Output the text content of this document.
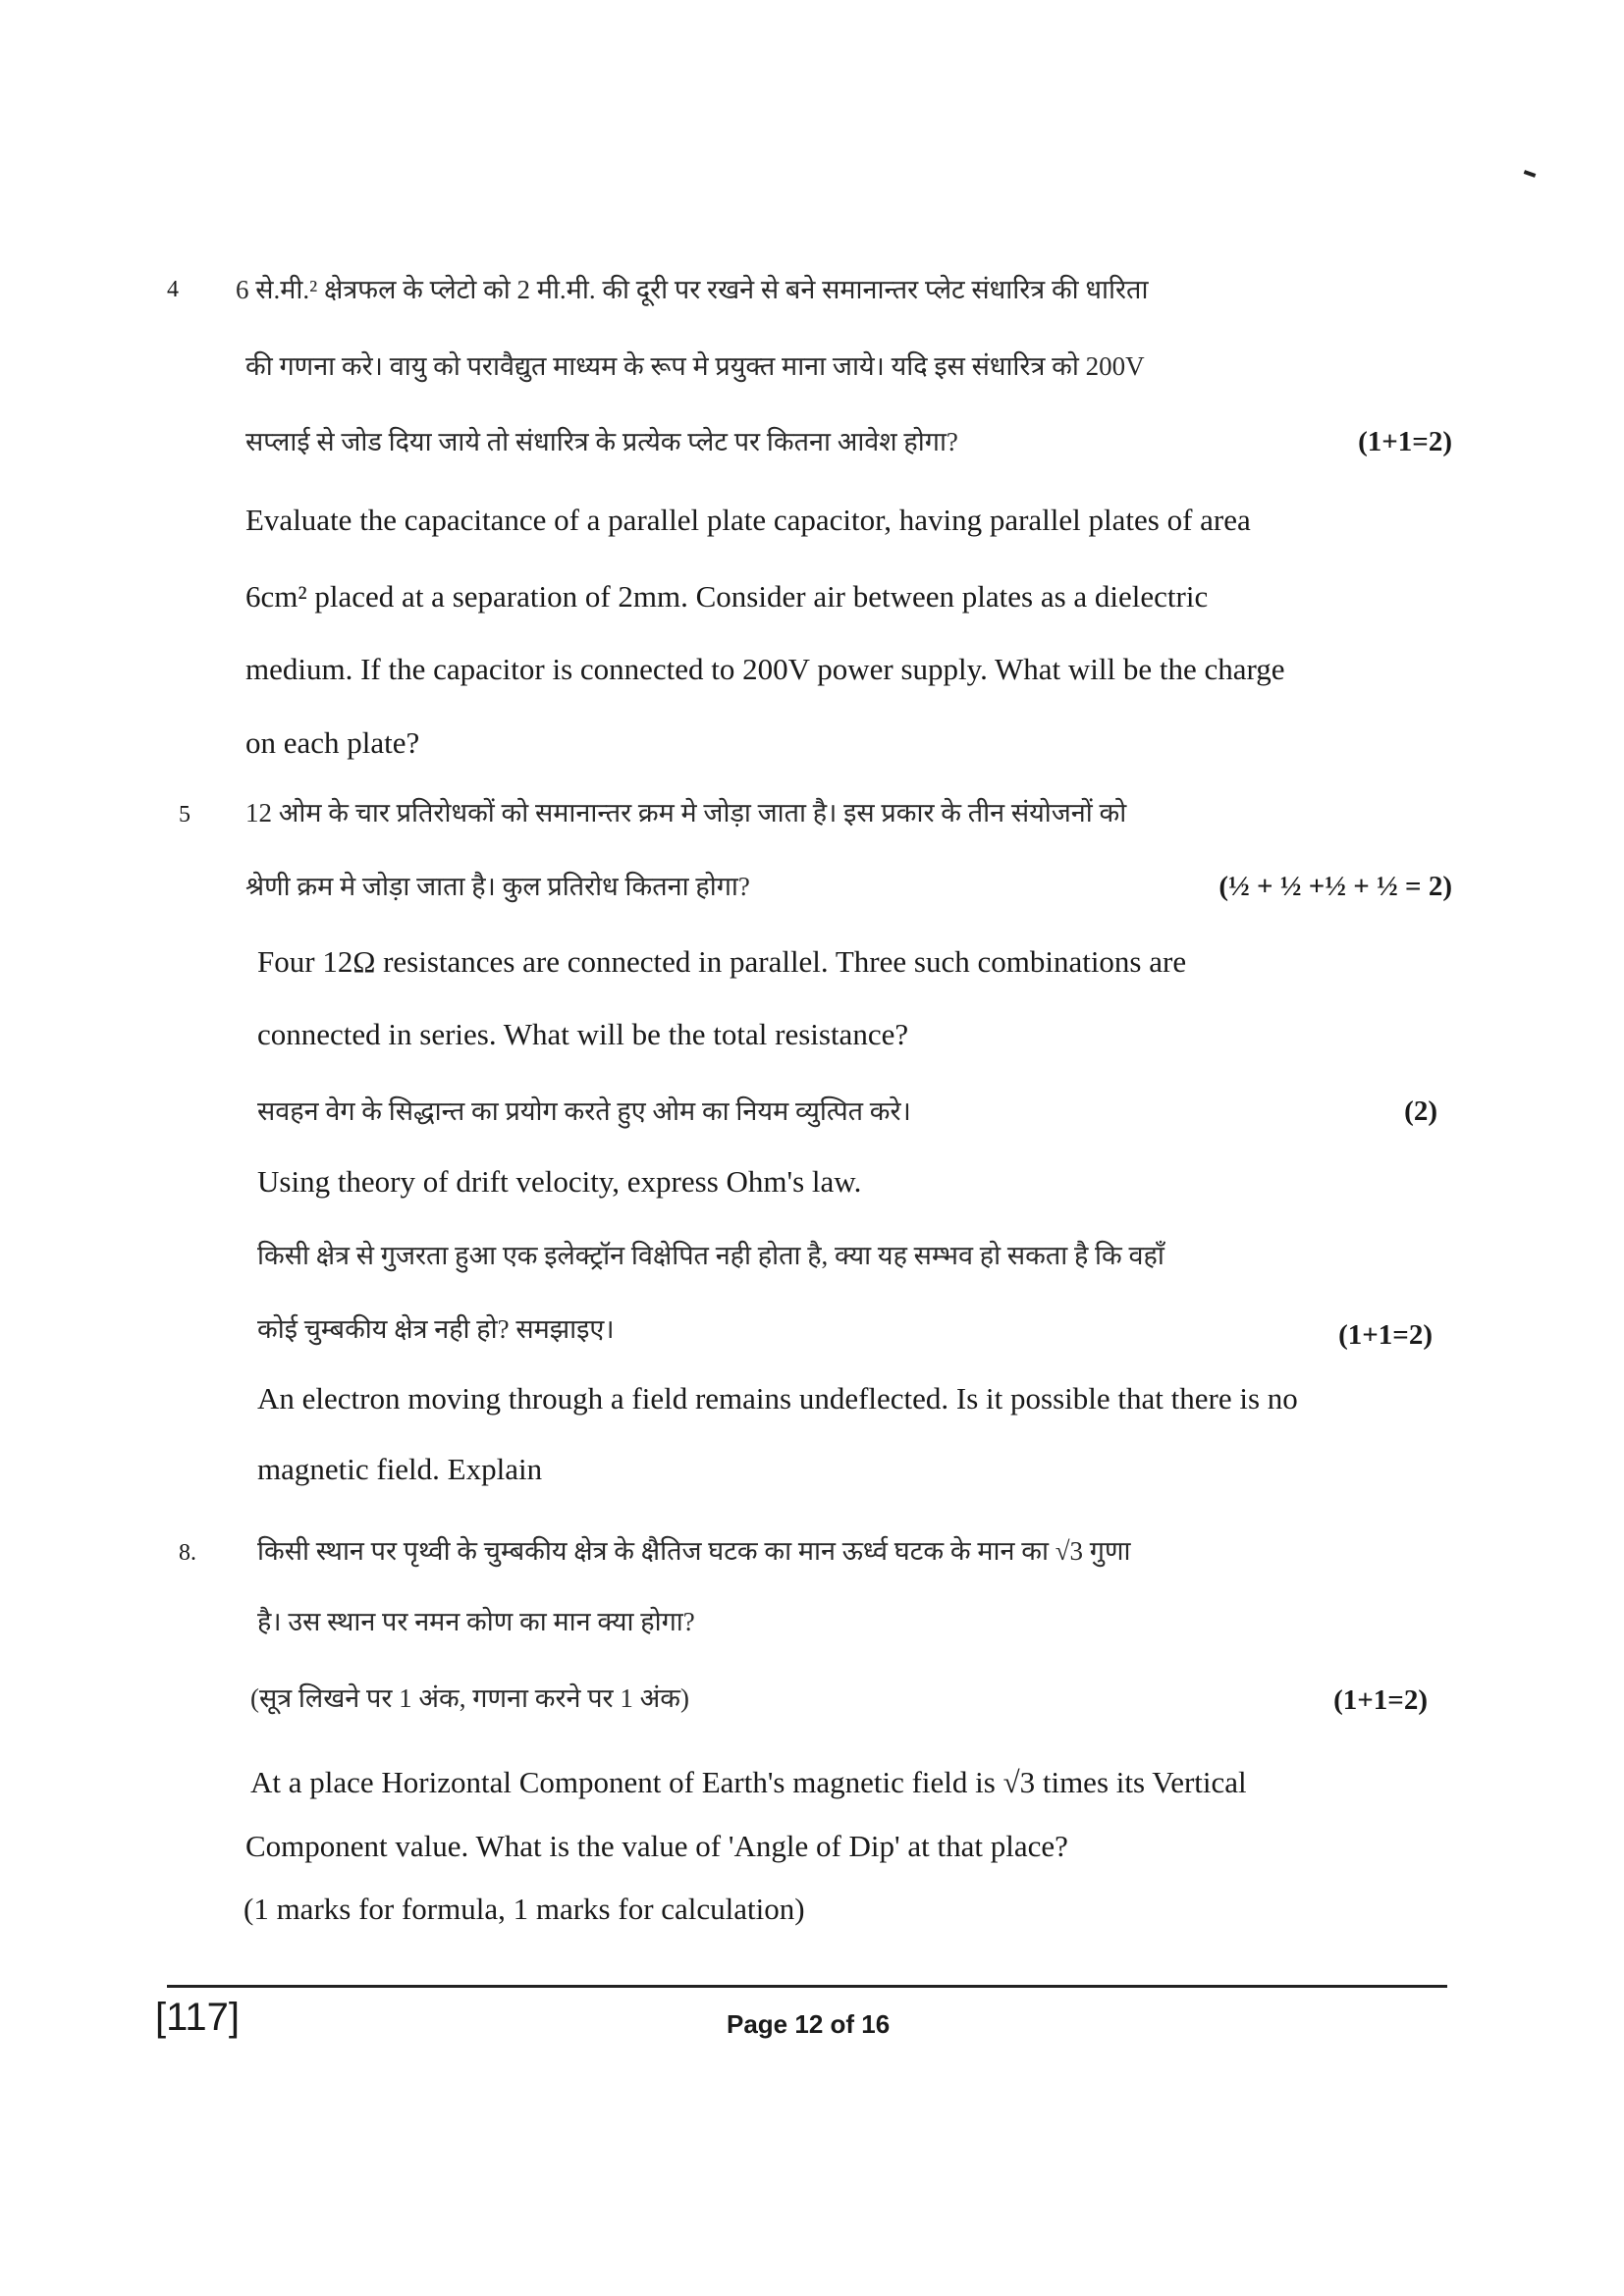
4 6 से.मी.² क्षेत्रफल के प्लेटो को 2 मी.मी. की दूरी पर रखने से बने समानान्तर प्लेट संधारित्र की धारिता
की गणना करे। वायु को परावैद्युत माध्यम के रूप मे प्रयुक्त माना जाये। यदि इस संधारित्र को 200V
सप्लाई से जोड दिया जाये तो संधारित्र के प्रत्येक प्लेट पर कितना आवेश होगा?	(1+1=2)
Evaluate the capacitance of a parallel plate capacitor, having parallel plates of area
6cm² placed at a separation of 2mm. Consider air between plates as a dielectric
medium. If the capacitor is connected to 200V power supply. What will be the charge
on each plate?
5 12 ओम के चार प्रतिरोधकों को समानान्तर क्रम मे जोड़ा जाता है। इस प्रकार के तीन संयोजनों को
श्रेणी क्रम मे जोड़ा जाता है। कुल प्रतिरोध कितना होगा?	(½ + ½ +½ + ½ = 2)
Four 12Ω resistances are connected in parallel. Three such combinations are
connected in series. What will be the total resistance?
सवहन वेग के सिद्धान्त का प्रयोग करते हुए ओम का नियम व्युत्पित करे।	(2)
Using theory of drift velocity, express Ohm's law.
किसी क्षेत्र से गुजरता हुआ एक इलेक्ट्रॉन विक्षेपित नही होता है, क्या यह सम्भव हो सकता है कि वहाँ
कोई चुम्बकीय क्षेत्र नही हो? समझाइए।	(1+1=2)
An electron moving through a field remains undeflected. Is it possible that there is no
magnetic field. Explain
8. किसी स्थान पर पृथ्वी के चुम्बकीय क्षेत्र के क्षैतिज घटक का मान ऊर्ध्व घटक के मान का √3 गुणा
है। उस स्थान पर नमन कोण का मान क्या होगा?
(सूत्र लिखने पर 1 अंक, गणना करने पर 1 अंक)	(1+1=2)
At a place Horizontal Component of Earth's magnetic field is √3 times its Vertical
Component value. What is the value of 'Angle of Dip' at that place?
(1 marks for formula, 1 marks for calculation)
[117]	Page 12 of 16
